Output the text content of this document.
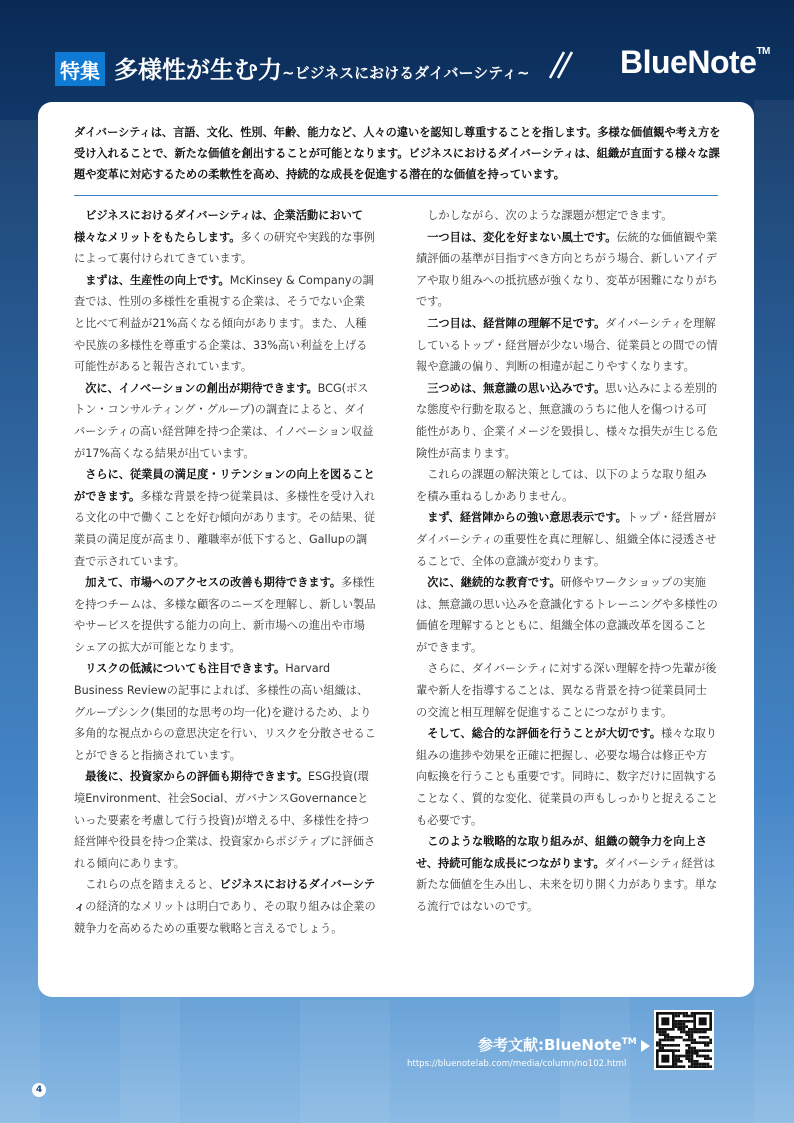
特集 多様性が生む力~ビジネスにおけるダイバーシティ~	BlueNote™

ダイバーシティは、言語、文化、性別、年齢、能力など、人々の違いを認知し尊重することを指します。多様な価値観や考え方を受け入れることで、新たな価値を創出することが可能となります。ビジネスにおけるダイバーシティは、組織が直面する様々な課題や変革に対応するための柔軟性を高め、持続的な成長を促進する潜在的な価値を持っています。

ビジネスにおけるダイバーシティは、企業活動において様々なメリットをもたらします。多くの研究や実践的な事例によって裏付けられてきています。

まずは、生産性の向上です。McKinsey & Companyの調査では、性別の多様性を重視する企業は、そうでない企業と比べて利益が21%高くなる傾向があります。また、人種や民族の多様性を尊重する企業は、33%高い利益を上げる可能性があると報告されています。

次に、イノベーションの創出が期待できます。BCG(ボストン・コンサルティング・グループ)の調査によると、ダイバーシティの高い経営陣を持つ企業は、イノベーション収益が17%高くなる結果が出ています。

さらに、従業員の満足度・リテンションの向上を図ることができます。多様な背景を持つ従業員は、多様性を受け入れる文化の中で働くことを好む傾向があります。その結果、従業員の満足度が高まり、離職率が低下すると、Gallupの調査で示されています。

加えて、市場へのアクセスの改善も期待できます。多様性を持つチームは、多様な顧客のニーズを理解し、新しい製品やサービスを提供する能力の向上、新市場への進出や市場シェアの拡大が可能となります。

リスクの低減についても注目できます。Harvard Business Reviewの記事によれば、多様性の高い組織は、グループシンク(集団的な思考の均一化)を避けるため、より多角的な視点からの意思決定を行い、リスクを分散させることができると指摘されています。

最後に、投資家からの評価も期待できます。ESG投資(環境Environment、社会Social、ガバナンスGovernanceといった要素を考慮して行う投資)が増える中、多様性を持つ経営陣や役員を持つ企業は、投資家からポジティブに評価される傾向にあります。

これらの点を踏まえると、ビジネスにおけるダイバーシティの経済的なメリットは明白であり、その取り組みは企業の競争力を高めるための重要な戦略と言えるでしょう。

しかしながら、次のような課題が想定できます。

一つ目は、変化を好まない風土です。伝統的な価値観や業績評価の基準が目指すべき方向とちがう場合、新しいアイデアや取り組みへの抵抗感が強くなり、変革が困難になりがちです。

二つ目は、経営陣の理解不足です。ダイバーシティを理解しているトップ・経営層が少ない場合、従業員との間での情報や意識の偏り、判断の相違が起こりやすくなります。

三つめは、無意識の思い込みです。思い込みによる差別的な態度や行動を取ると、無意識のうちに他人を傷つける可能性があり、企業イメージを毀損し、様々な損失が生じる危険性が高まります。

これらの課題の解決策としては、以下のような取り組みを積み重ねるしかありません。

まず、経営陣からの強い意思表示です。トップ・経営層がダイバーシティの重要性を真に理解し、組織全体に浸透させることで、全体の意識が変わります。

次に、継続的な教育です。研修やワークショップの実施は、無意識の思い込みを意識化するトレーニングや多様性の価値を理解するとともに、組織全体の意識改革を図ることができます。

さらに、ダイバーシティに対する深い理解を持つ先輩が後輩や新人を指導することは、異なる背景を持つ従業員同士の交流と相互理解を促進することにつながります。

そして、総合的な評価を行うことが大切です。様々な取り組みの進捗や効果を正確に把握し、必要な場合は修正や方向転換を行うことも重要です。同時に、数字だけに固執することなく、質的な変化、従業員の声もしっかりと捉えることも必要です。

このような戦略的な取り組みが、組織の競争力を向上させ、持続可能な成長につながります。ダイバーシティ経営は新たな価値を生み出し、未来を切り開く力があります。単なる流行ではないのです。

参考文献:BlueNote™
https://bluenotelab.com/media/column/no102.html
4
